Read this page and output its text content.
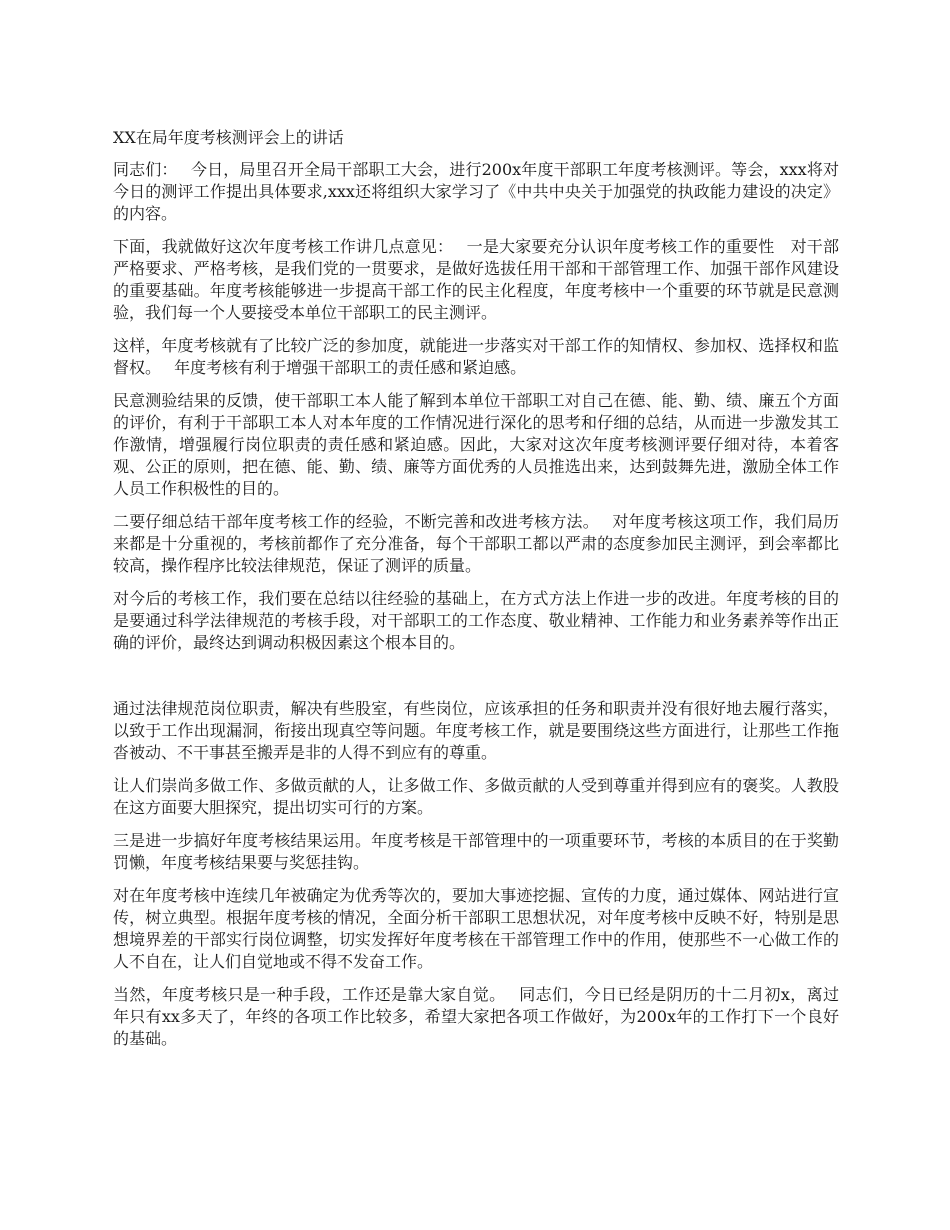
XX在局年度考核测评会上的讲话

同志们：　 今日，局里召开全局干部职工大会，进行200x年度干部职工年度考核测评。等会，xxx将对今日的测评工作提出具体要求,xxx还将组织大家学习了《中共中央关于加强党的执政能力建设的决定》的内容。

下面，我就做好这次年度考核工作讲几点意见：　 一是大家要充分认识年度考核工作的重要性　对干部严格要求、严格考核，是我们党的一贯要求，是做好选拔任用干部和干部管理工作、加强干部作风建设的重要基础。年度考核能够进一步提高干部工作的民主化程度，年度考核中一个重要的环节就是民意测验，我们每一个人要接受本单位干部职工的民主测评。

这样，年度考核就有了比较广泛的参加度，就能进一步落实对干部工作的知情权、参加权、选择权和监督权。　 年度考核有利于增强干部职工的责任感和紧迫感。

民意测验结果的反馈，使干部职工本人能了解到本单位干部职工对自己在德、能、勤、绩、廉五个方面的评价，有利于干部职工本人对本年度的工作情况进行深化的思考和仔细的总结，从而进一步激发其工作激情，增强履行岗位职责的责任感和紧迫感。因此，大家对这次年度考核测评要仔细对待，本着客观、公正的原则，把在德、能、勤、绩、廉等方面优秀的人员推选出来，达到鼓舞先进，激励全体工作人员工作积极性的目的。

二要仔细总结干部年度考核工作的经验，不断完善和改进考核方法。　 对年度考核这项工作，我们局历来都是十分重视的，考核前都作了充分准备，每个干部职工都以严肃的态度参加民主测评，到会率都比较高，操作程序比较法律规范，保证了测评的质量。

对今后的考核工作，我们要在总结以往经验的基础上，在方式方法上作进一步的改进。年度考核的目的是要通过科学法律规范的考核手段，对干部职工的工作态度、敬业精神、工作能力和业务素养等作出正确的评价，最终达到调动积极因素这个根本目的。

通过法律规范岗位职责，解决有些股室，有些岗位，应该承担的任务和职责并没有很好地去履行落实，以致于工作出现漏洞，衔接出现真空等问题。年度考核工作，就是要围绕这些方面进行，让那些工作拖沓被动、不干事甚至搬弄是非的人得不到应有的尊重。

让人们崇尚多做工作、多做贡献的人，让多做工作、多做贡献的人受到尊重并得到应有的褒奖。人教股在这方面要大胆探究，提出切实可行的方案。

三是进一步搞好年度考核结果运用。年度考核是干部管理中的一项重要环节，考核的本质目的在于奖勤罚懒，年度考核结果要与奖惩挂钩。

对在年度考核中连续几年被确定为优秀等次的，要加大事迹挖掘、宣传的力度，通过媒体、网站进行宣传，树立典型。根据年度考核的情况，全面分析干部职工思想状况，对年度考核中反映不好，特别是思想境界差的干部实行岗位调整，切实发挥好年度考核在干部管理工作中的作用，使那些不一心做工作的人不自在，让人们自觉地或不得不发奋工作。

当然，年度考核只是一种手段，工作还是靠大家自觉。　 同志们，今日已经是阴历的十二月初x，离过年只有xx多天了，年终的各项工作比较多，希望大家把各项工作做好，为200x年的工作打下一个良好的基础。
